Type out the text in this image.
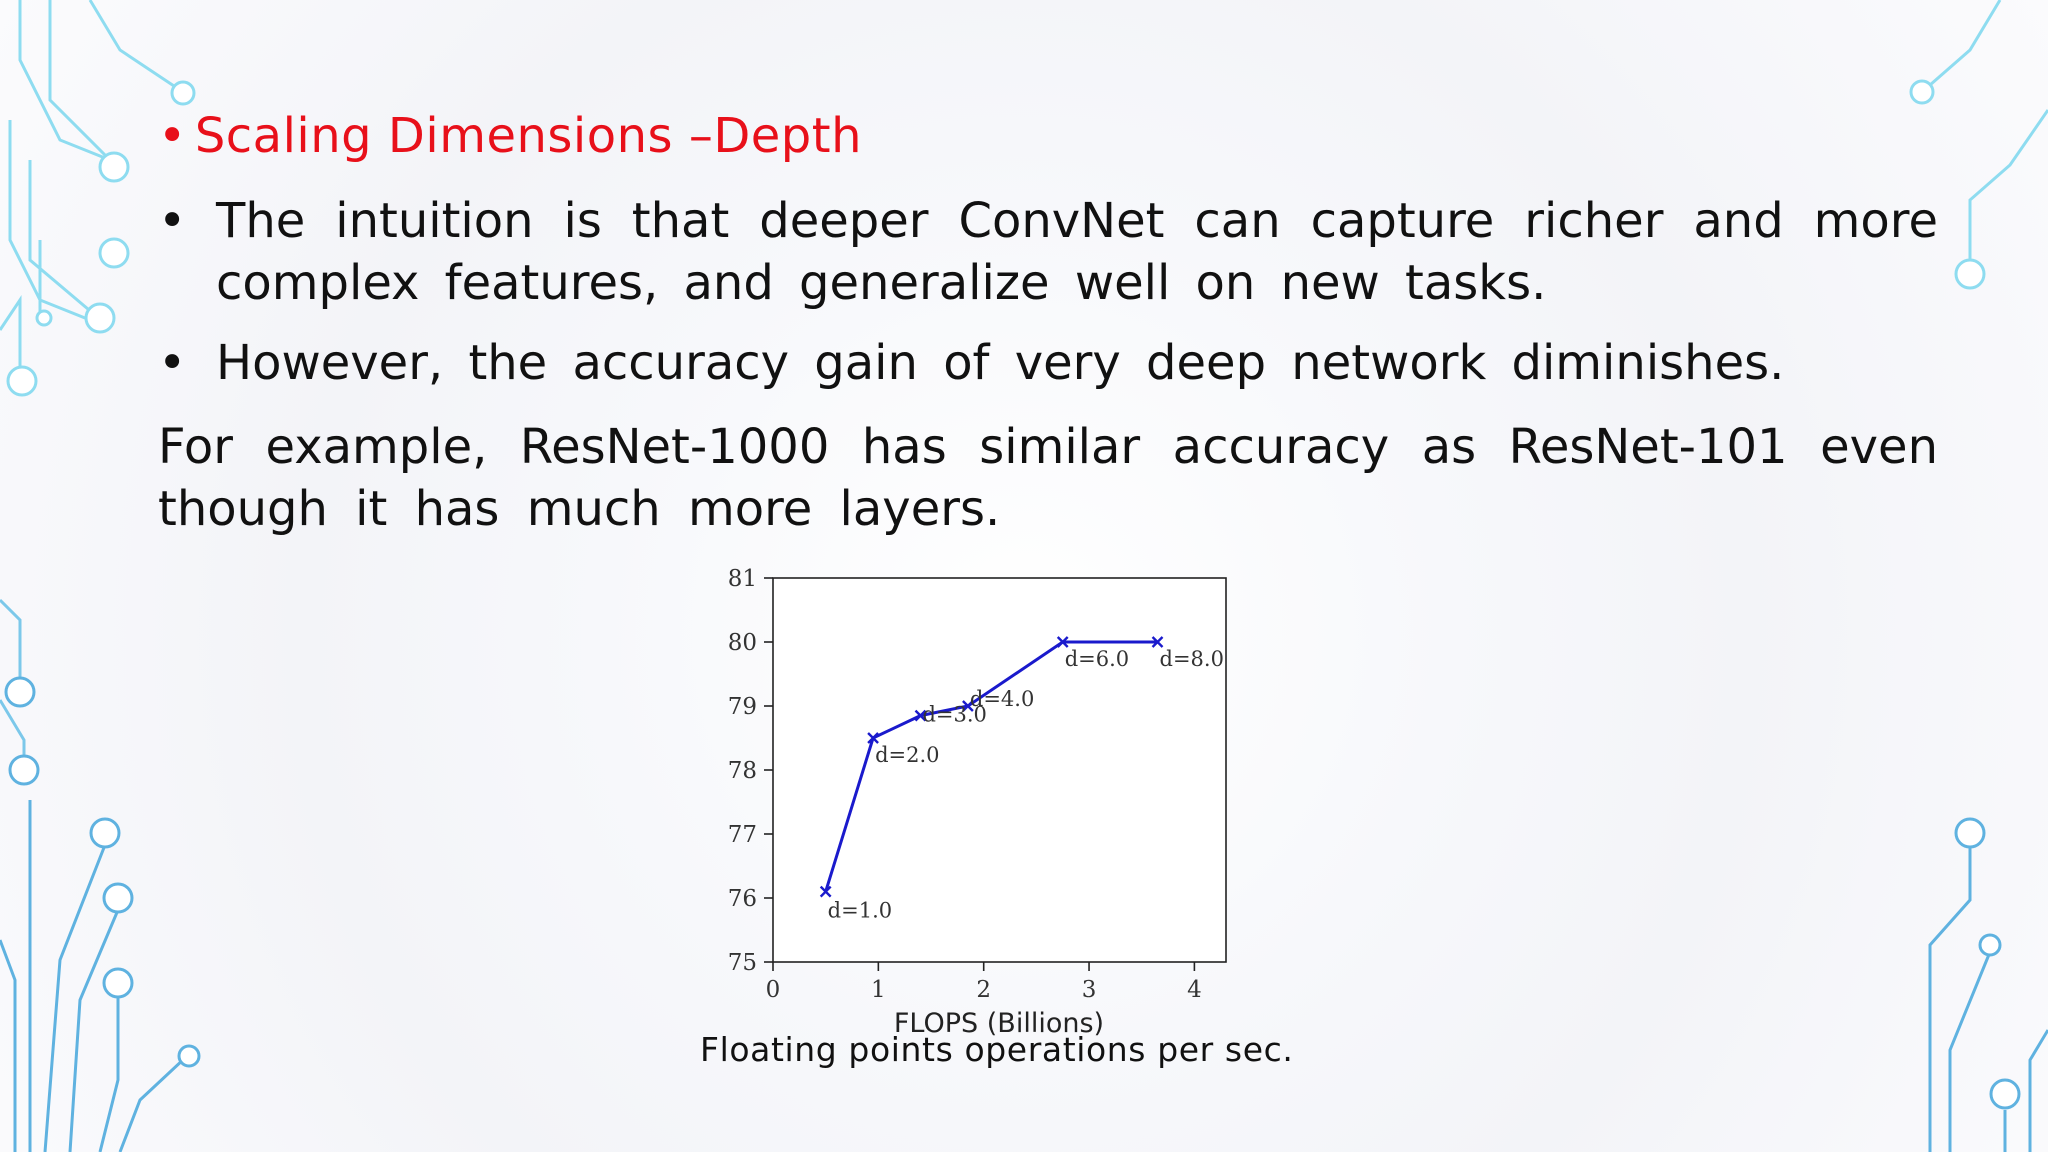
• Scaling Dimensions –Depth
• The intuition is that deeper ConvNet can capture richer and more complex features, and generalize well on new tasks.
• However, the accuracy gain of very deep network diminishes.
For example, ResNet-1000 has similar accuracy as ResNet-101 even though it has much more layers.
75
76
77
78
79
80
81
0	1	2	3	4
d=1.0
d=2.0
d=3.0
d=4.0
d=6.0 d=8.0
FLOPS (Billions)
Floating points operations per sec.
